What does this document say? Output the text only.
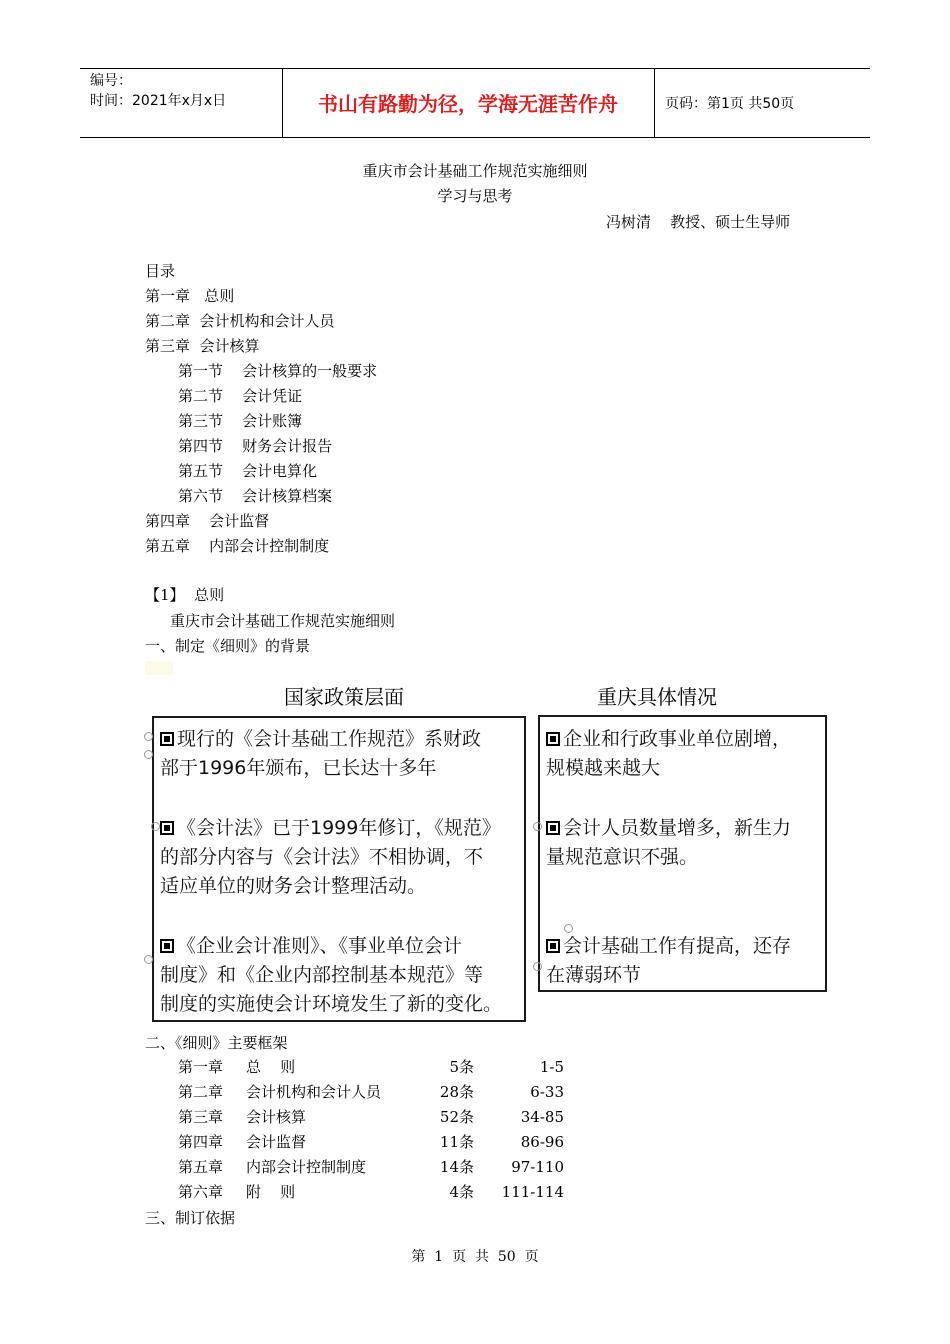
编号：
时间：2021年x月x日	书山有路勤为径，学海无涯苦作舟	页码：第1页 共50页
重庆市会计基础工作规范实施细则
学习与思考
冯树清    教授、硕士生导师
目录
第一章   总则
第二章  会计机构和会计人员
第三章  会计核算
第一节    会计核算的一般要求
第二节    会计凭证
第三节    会计账簿
第四节    财务会计报告
第五节    会计电算化
第六节    会计核算档案
第四章    会计监督
第五章    内部会计控制制度
【1】  总则
重庆市会计基础工作规范实施细则
一、制定《细则》的背景
国家政策层面	重庆具体情况
现行的《会计基础工作规范》系财政
部于1996年颁布，已长达十多年
《会计法》已于1999年修订，《规范》
的部分内容与《会计法》不相协调，不
适应单位的财务会计整理活动。
《企业会计准则》、《事业单位会计
制度》和《企业内部控制基本规范》等
制度的实施使会计环境发生了新的变化。
企业和行政事业单位剧增，
规模越来越大
会计人员数量增多，新生力
量规范意识不强。
会计基础工作有提高，还存
在薄弱环节
二、《细则》主要框架
第一章 总    则	5条	1-5
第二章 会计机构和会计人员	28条	6-33
第三章 会计核算	52条	34-85
第四章 会计监督	11条	86-96
第五章 内部会计控制制度	14条	97-110
第六章 附    则	4条	111-114
三、制订依据
第  1  页  共  50  页
